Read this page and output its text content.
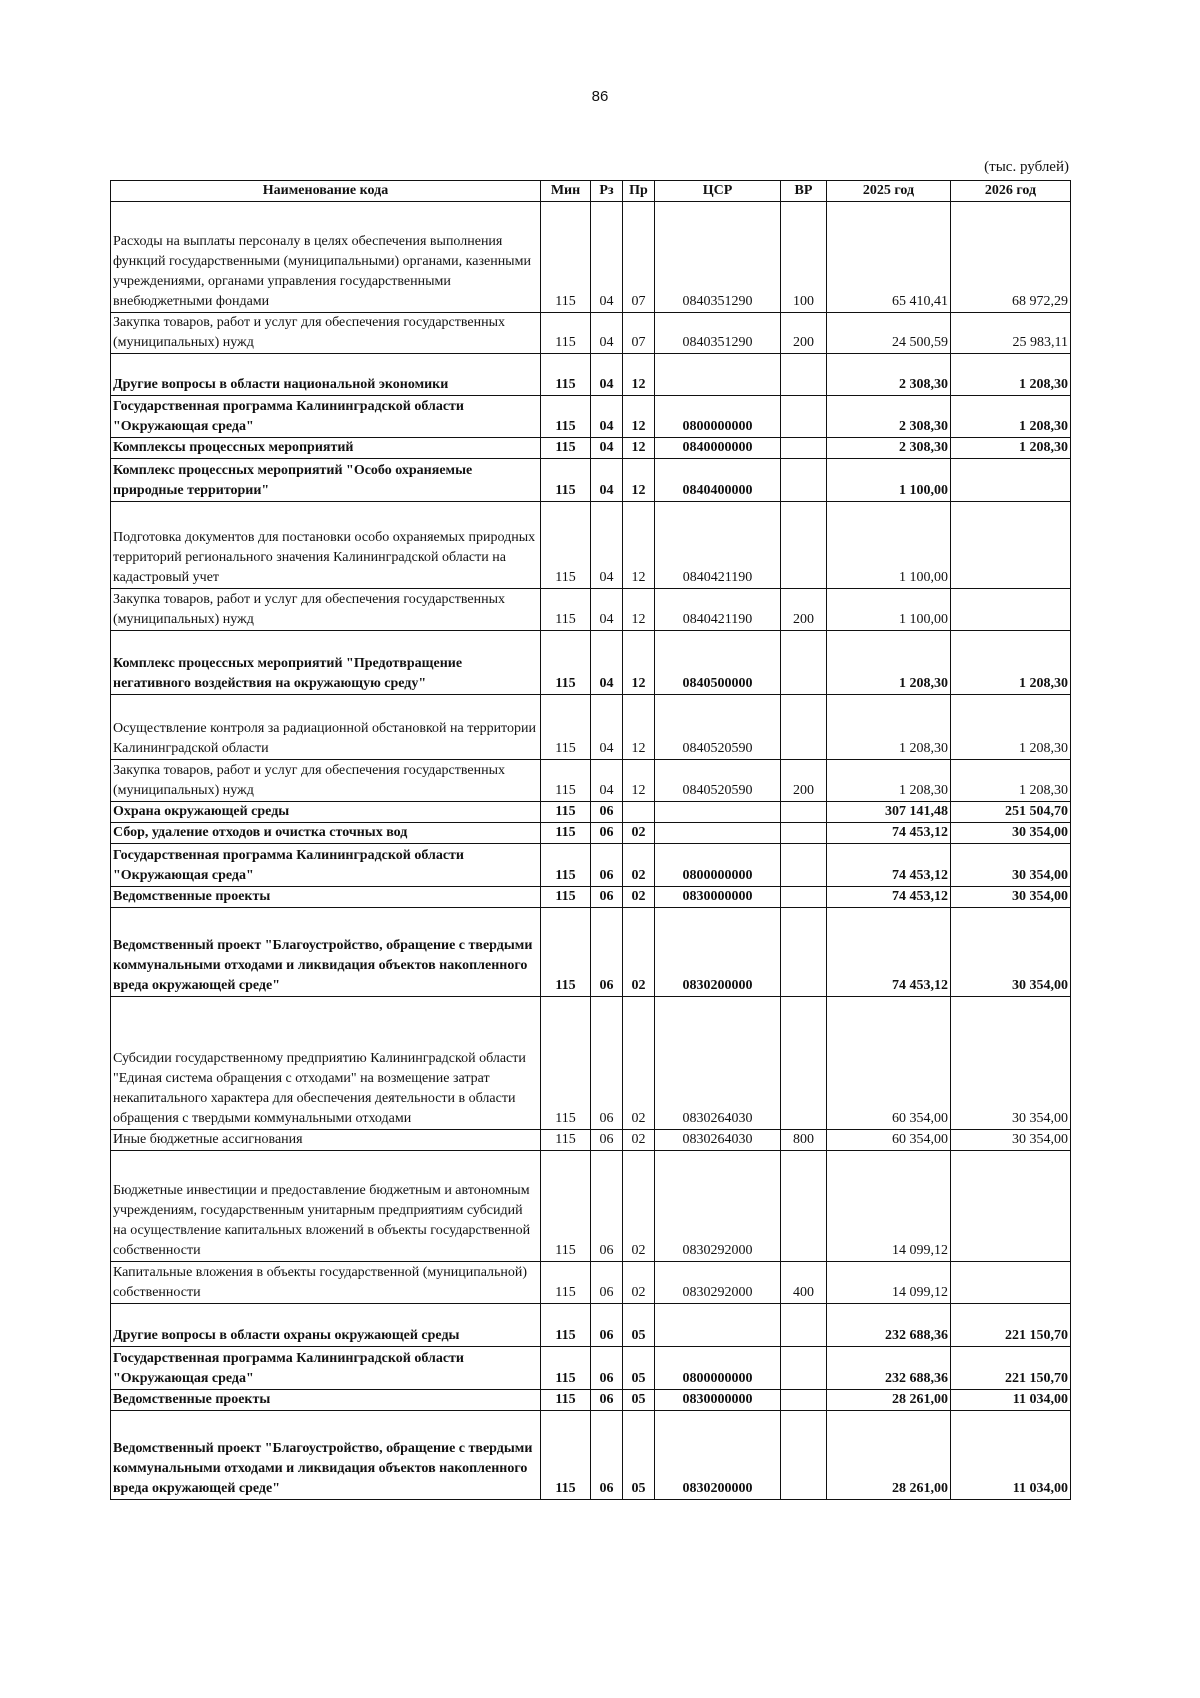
86
(тыс. рублей)
Наименование кода	Мин	Рз	Пр	ЦСР	ВР	2025 год	2026 год
Расходы на выплаты персоналу в целях обеспечения выполнения функций государственными (муниципальными) органами, казенными учреждениями, органами управления государственными внебюджетными фондами	115	04	07	0840351290	100	65 410,41	68 972,29
Закупка товаров, работ и услуг для обеспечения государственных (муниципальных) нужд	115	04	07	0840351290	200	24 500,59	25 983,11
Другие вопросы в области национальной экономики	115	04	12			2 308,30	1 208,30
Государственная программа Калининградской области "Окружающая среда"	115	04	12	0800000000		2 308,30	1 208,30
Комплексы процессных мероприятий	115	04	12	0840000000		2 308,30	1 208,30
Комплекс процессных мероприятий "Особо охраняемые природные территории"	115	04	12	0840400000		1 100,00	
Подготовка документов для постановки особо охраняемых природных территорий регионального значения Калининградской области на кадастровый учет	115	04	12	0840421190		1 100,00	
Закупка товаров, работ и услуг для обеспечения государственных (муниципальных) нужд	115	04	12	0840421190	200	1 100,00	
Комплекс процессных мероприятий "Предотвращение негативного воздействия на окружающую среду"	115	04	12	0840500000		1 208,30	1 208,30
Осуществление контроля за радиационной обстановкой на территории Калининградской области	115	04	12	0840520590		1 208,30	1 208,30
Закупка товаров, работ и услуг для обеспечения государственных (муниципальных) нужд	115	04	12	0840520590	200	1 208,30	1 208,30
Охрана окружающей среды	115	06				307 141,48	251 504,70
Сбор, удаление отходов и очистка сточных вод	115	06	02			74 453,12	30 354,00
Государственная программа Калининградской области "Окружающая среда"	115	06	02	0800000000		74 453,12	30 354,00
Ведомственные проекты	115	06	02	0830000000		74 453,12	30 354,00
Ведомственный проект "Благоустройство, обращение с твердыми коммунальными отходами и ликвидация объектов накопленного вреда окружающей среде"	115	06	02	0830200000		74 453,12	30 354,00
Субсидии государственному предприятию Калининградской области "Единая система обращения с отходами" на возмещение затрат некапитального характера для обеспечения деятельности в области обращения с твердыми коммунальными отходами	115	06	02	0830264030		60 354,00	30 354,00
Иные бюджетные ассигнования	115	06	02	0830264030	800	60 354,00	30 354,00
Бюджетные инвестиции и предоставление бюджетным и автономным учреждениям, государственным унитарным предприятиям субсидий на осуществление капитальных вложений в объекты государственной собственности	115	06	02	0830292000		14 099,12	
Капитальные вложения в объекты государственной (муниципальной) собственности	115	06	02	0830292000	400	14 099,12	
Другие вопросы в области охраны окружающей среды	115	06	05			232 688,36	221 150,70
Государственная программа Калининградской области "Окружающая среда"	115	06	05	0800000000		232 688,36	221 150,70
Ведомственные проекты	115	06	05	0830000000		28 261,00	11 034,00
Ведомственный проект "Благоустройство, обращение с твердыми коммунальными отходами и ликвидация объектов накопленного вреда окружающей среде"	115	06	05	0830200000		28 261,00	11 034,00
